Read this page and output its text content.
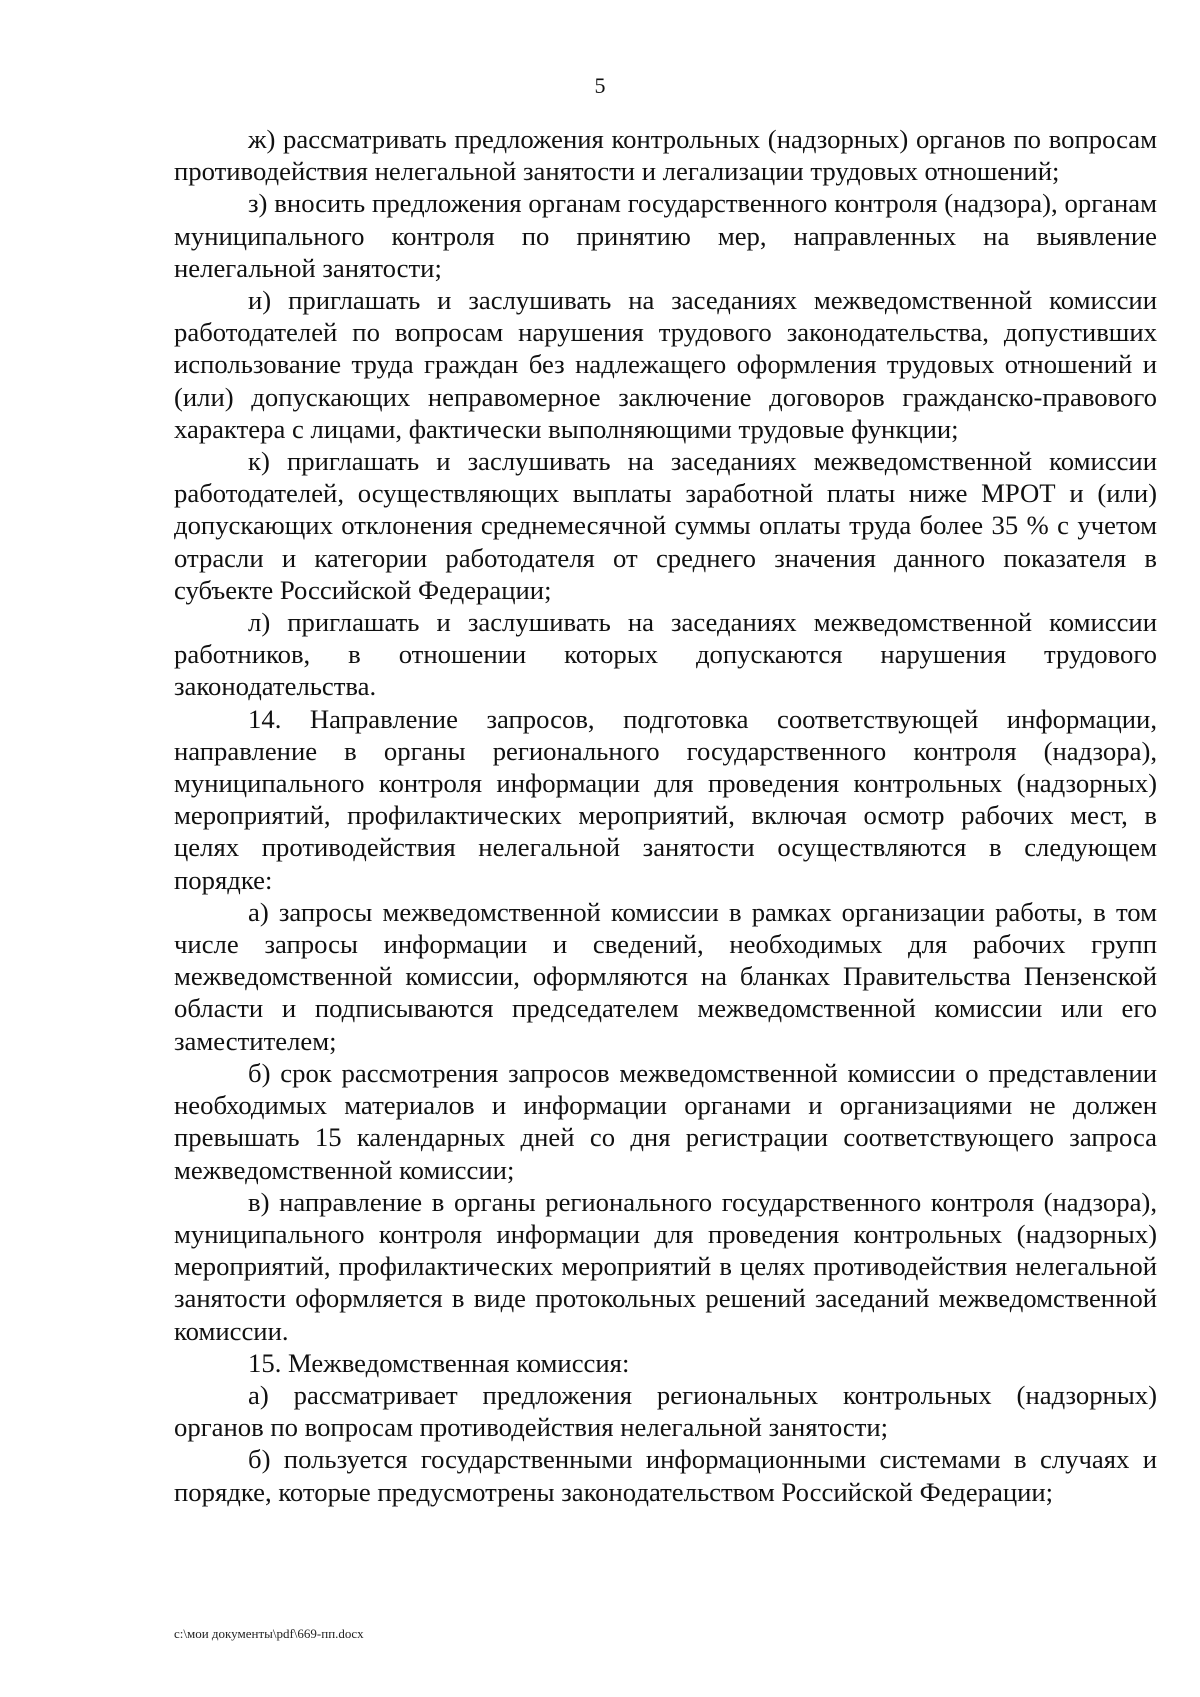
5

ж) рассматривать предложения контрольных (надзорных) органов по вопросам противодействия нелегальной занятости и легализации трудовых отношений;

з) вносить предложения органам государственного контроля (надзора), органам муниципального контроля по принятию мер, направленных на выявление нелегальной занятости;

и) приглашать и заслушивать на заседаниях межведомственной комиссии работодателей по вопросам нарушения трудового законодательства, допустивших использование труда граждан без надлежащего оформления трудовых отношений и (или) допускающих неправомерное заключение договоров гражданско-правового характера с лицами, фактически выполняющими трудовые функции;

к) приглашать и заслушивать на заседаниях межведомственной комиссии работодателей, осуществляющих выплаты заработной платы ниже МРОТ и (или) допускающих отклонения среднемесячной суммы оплаты труда более 35 % с учетом отрасли и категории работодателя от среднего значения данного показателя в субъекте Российской Федерации;

л) приглашать и заслушивать на заседаниях межведомственной комиссии работников, в отношении которых допускаются нарушения трудового законодательства.

14. Направление запросов, подготовка соответствующей информации, направление в органы регионального государственного контроля (надзора), муниципального контроля информации для проведения контрольных (надзорных) мероприятий, профилактических мероприятий, включая осмотр рабочих мест, в целях противодействия нелегальной занятости осуществляются в следующем порядке:

а) запросы межведомственной комиссии в рамках организации работы, в том числе запросы информации и сведений, необходимых для рабочих групп межведомственной комиссии, оформляются на бланках Правительства Пензенской области и подписываются председателем межведомственной комиссии или его заместителем;

б) срок рассмотрения запросов межведомственной комиссии о представлении необходимых материалов и информации органами и организациями не должен превышать 15 календарных дней со дня регистрации соответствующего запроса межведомственной комиссии;

в) направление в органы регионального государственного контроля (надзора), муниципального контроля информации для проведения контрольных (надзорных) мероприятий, профилактических мероприятий в целях противодействия нелегальной занятости оформляется в виде протокольных решений заседаний межведомственной комиссии.

15. Межведомственная комиссия:

а) рассматривает предложения региональных контрольных (надзорных) органов по вопросам противодействия нелегальной занятости;

б) пользуется государственными информационными системами в случаях и порядке, которые предусмотрены законодательством Российской Федерации;

c:\мои документы\pdf\669-пп.docx
